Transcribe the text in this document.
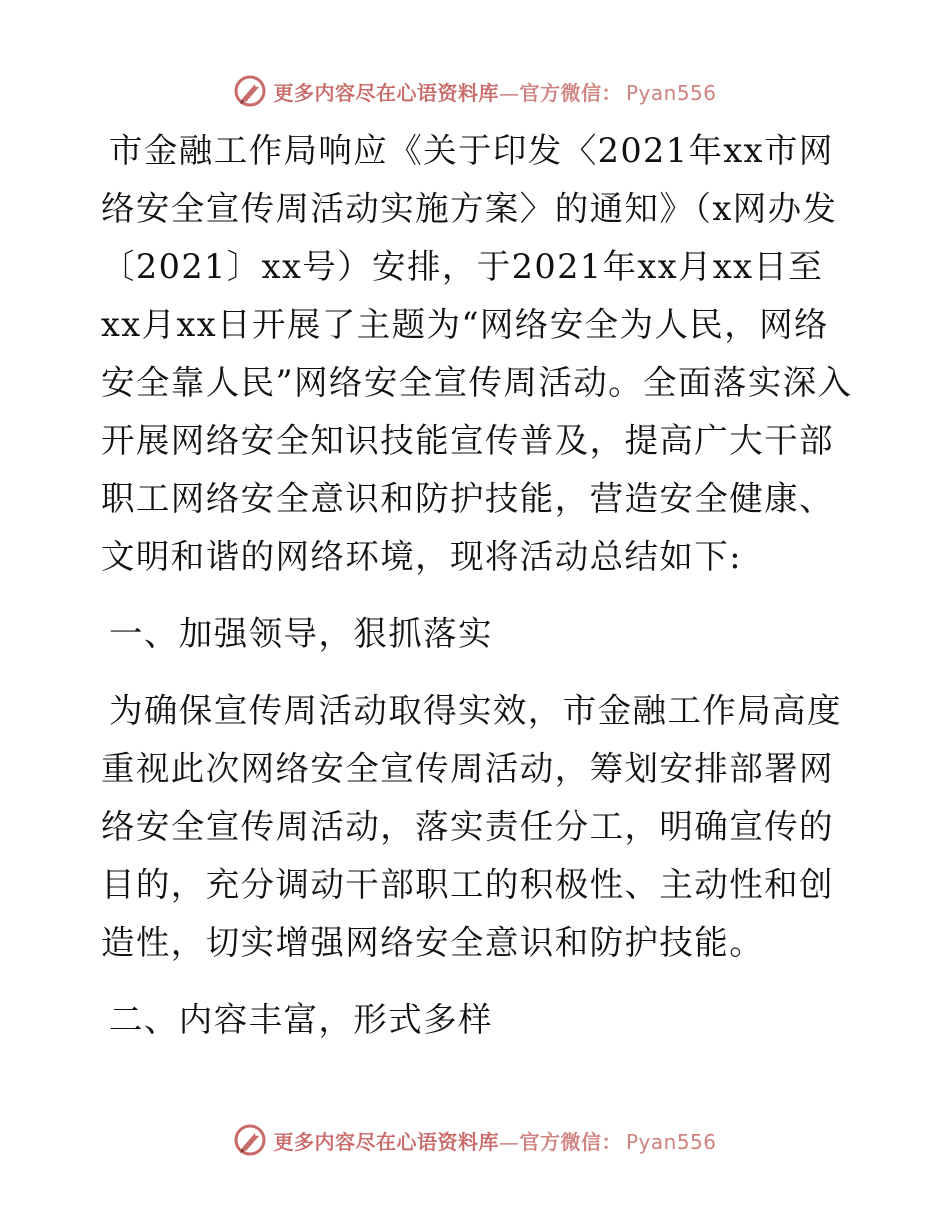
更多内容尽在心语资料库—官方微信： Pyan556

市金融工作局响应《关于印发〈2021年xx市网络安全宣传周活动实施方案〉的通知》（x网办发〔2021〕xx号）安排，于2021年xx月xx日至xx月xx日开展了主题为“网络安全为人民，网络安全靠人民”网络安全宣传周活动。全面落实深入开展网络安全知识技能宣传普及，提高广大干部职工网络安全意识和防护技能，营造安全健康、文明和谐的网络环境，现将活动总结如下:

一、加强领导，狠抓落实

为确保宣传周活动取得实效，市金融工作局高度重视此次网络安全宣传周活动，筹划安排部署网络安全宣传周活动，落实责任分工，明确宣传的目的，充分调动干部职工的积极性、主动性和创造性，切实增强网络安全意识和防护技能。

二、内容丰富，形式多样

更多内容尽在心语资料库—官方微信： Pyan556
